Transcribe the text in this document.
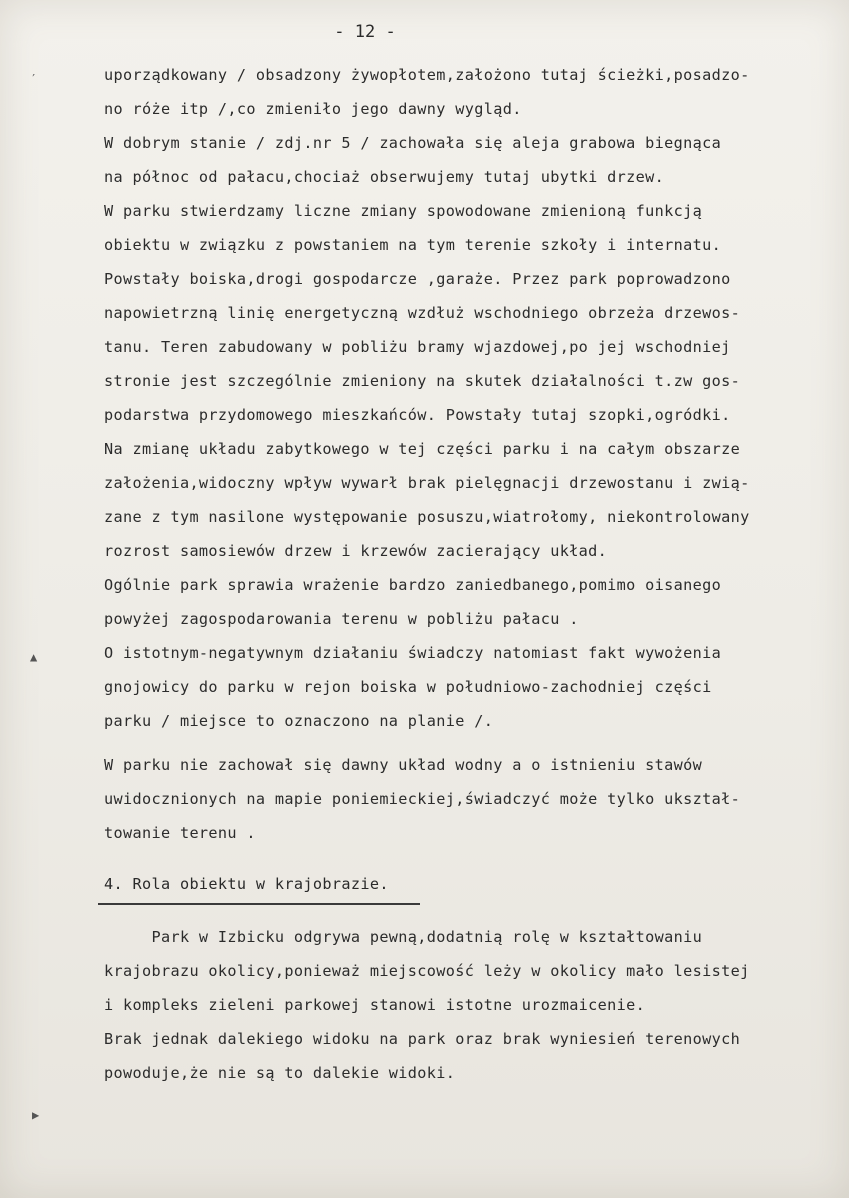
- 12 -
uporządkowany / obsadzony żywopłotem,założono tutaj ścieżki,posadzo-
no róże itp /,co zmieniło jego dawny wygląd.
W dobrym stanie / zdj.nr 5 / zachowała się aleja grabowa biegnąca
na północ od pałacu,chociaż obserwujemy tutaj ubytki drzew.
W parku stwierdzamy liczne zmiany spowodowane zmienioną funkcją
obiektu w związku z powstaniem na tym terenie szkoły i internatu.
Powstały boiska,drogi gospodarcze ,garaże. Przez park poprowadzono
napowietrzną linię energetyczną wzdłuż wschodniego obrzeża drzewos-
tanu. Teren zabudowany w pobliżu bramy wjazdowej,po jej wschodniej
stronie jest szczególnie zmieniony na skutek działalności t.zw gos-
podarstwa przydomowego mieszkańców. Powstały tutaj szopki,ogródki.
Na zmianę układu zabytkowego w tej części parku i na całym obszarze
założenia,widoczny wpływ wywarł brak pielęgnacji drzewostanu i zwią-
zane z tym nasilone występowanie posuszu,wiatrołomy, niekontrolowany
rozrost samosiewów drzew i krzewów zacierający układ.
Ogólnie park sprawia wrażenie bardzo zaniedbanego,pomimo oisanego
powyżej zagospodarowania terenu w pobliżu pałacu .
O istotnym-negatywnym działaniu świadczy natomiast fakt wywożenia
gnojowicy do parku w rejon boiska w południowo-zachodniej części
parku / miejsce to oznaczono na planie /.
W parku nie zachował się dawny układ wodny a o istnieniu stawów
uwidocznionych na mapie poniemieckiej,świadczyć może tylko ukształ-
towanie terenu .
4. Rola obiektu w krajobrazie.
Park w Izbicku odgrywa pewną,dodatnią rolę w kształtowaniu
krajobrazu okolicy,ponieważ miejscowość leży w okolicy mało lesistej
i kompleks zieleni parkowej stanowi istotne urozmaicenie.
Brak jednak dalekiego widoku na park oraz brak wyniesień terenowych
powoduje,że nie są to dalekie widoki.
′
▲
▶
